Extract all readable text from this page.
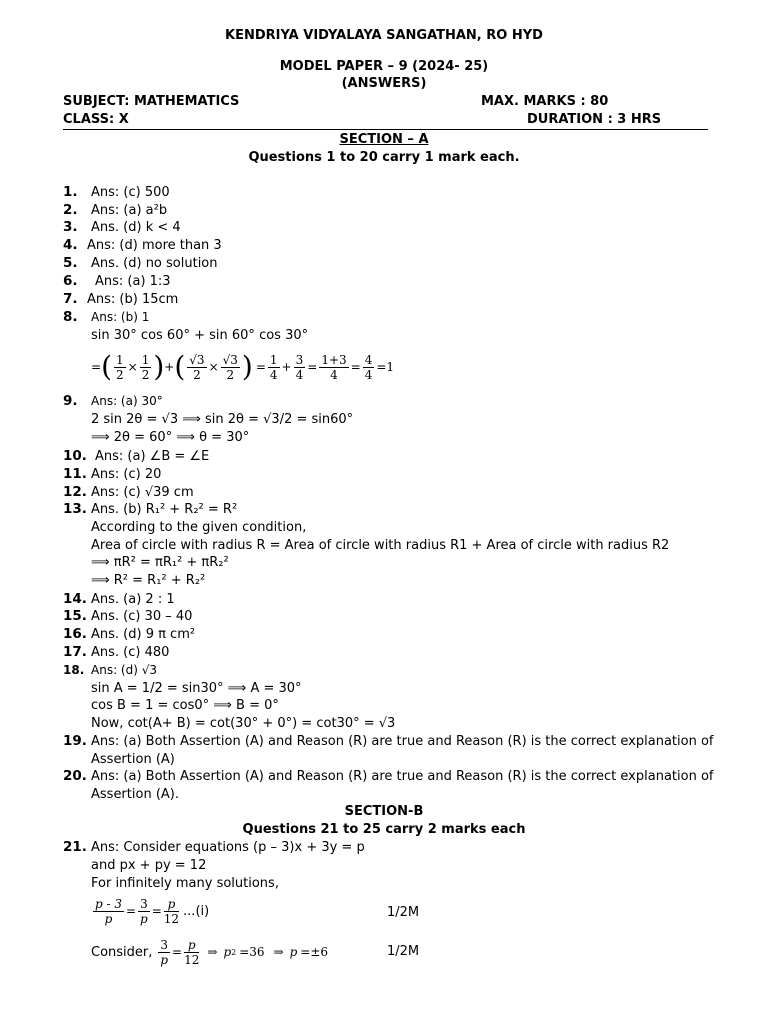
KENDRIYA VIDYALAYA SANGATHAN, RO HYD
MODEL PAPER – 9 (2024- 25)
(ANSWERS)
SUBJECT: MATHEMATICS	MAX. MARKS : 80
CLASS: X	DURATION : 3 HRS
SECTION – A
Questions 1 to 20 carry 1 mark each.
1. Ans: (c) 500
2. Ans: (a) a²b
3. Ans. (d) k < 4
4. Ans: (d) more than 3
5. Ans. (d) no solution
6. Ans: (a) 1:3
7. Ans: (b) 15cm
8. Ans: (b) 1
sin 30° cos 60° + sin 60° cos 30°
= ( $\frac{1}{2} \times \frac{1}{2}$ ) + ( $\frac{√3}{2} \times \frac{√3}{2}$ ) = $\frac{1}{4} + \frac{3}{4} = \frac{1+3}{4} = \frac{4}{4} =1$
9. Ans: (a) 30°
2 sin 2θ = √3 ⟹ sin 2θ = √3/2 = sin60°
⟹ 2θ = 60° ⟹ θ = 30°
10. Ans: (a) ∠B = ∠E
11. Ans: (c) 20
12. Ans: (c) √39 cm
13. Ans. (b) R₁² + R₂² = R²
According to the given condition,
Area of circle with radius R = Area of circle with radius R1 + Area of circle with radius R2
⟹ πR² = πR₁² + πR₂²
⟹ R² = R₁² + R₂²
14. Ans. (a) 2 : 1
15. Ans. (c) 30 – 40
16. Ans. (d) 9 π cm²
17. Ans. (c) 480
18. Ans: (d) √3
sin A = 1/2 = sin30° ⟹ A = 30°
cos B = 1 = cos0° ⟹ B = 0°
Now, cot(A+ B) = cot(30° + 0°) = cot30° = √3
19. Ans: (a) Both Assertion (A) and Reason (R) are true and Reason (R) is the correct explanation of
Assertion (A)
20. Ans: (a) Both Assertion (A) and Reason (R) are true and Reason (R) is the correct explanation of
Assertion (A).
SECTION-B
Questions 21 to 25 carry 2 marks each
21. Ans: Consider equations (p – 3)x + 3y = p
and px + py = 12
For infinitely many solutions,
$\frac{p - 3}{p} = \frac{3}{p} = \frac{p}{12} ...(i)$	1/2M
Consider, $\frac{3}{p} = \frac{p}{12}$ ⇒ p 2 =36 ⇒ p =±6	1/2M
